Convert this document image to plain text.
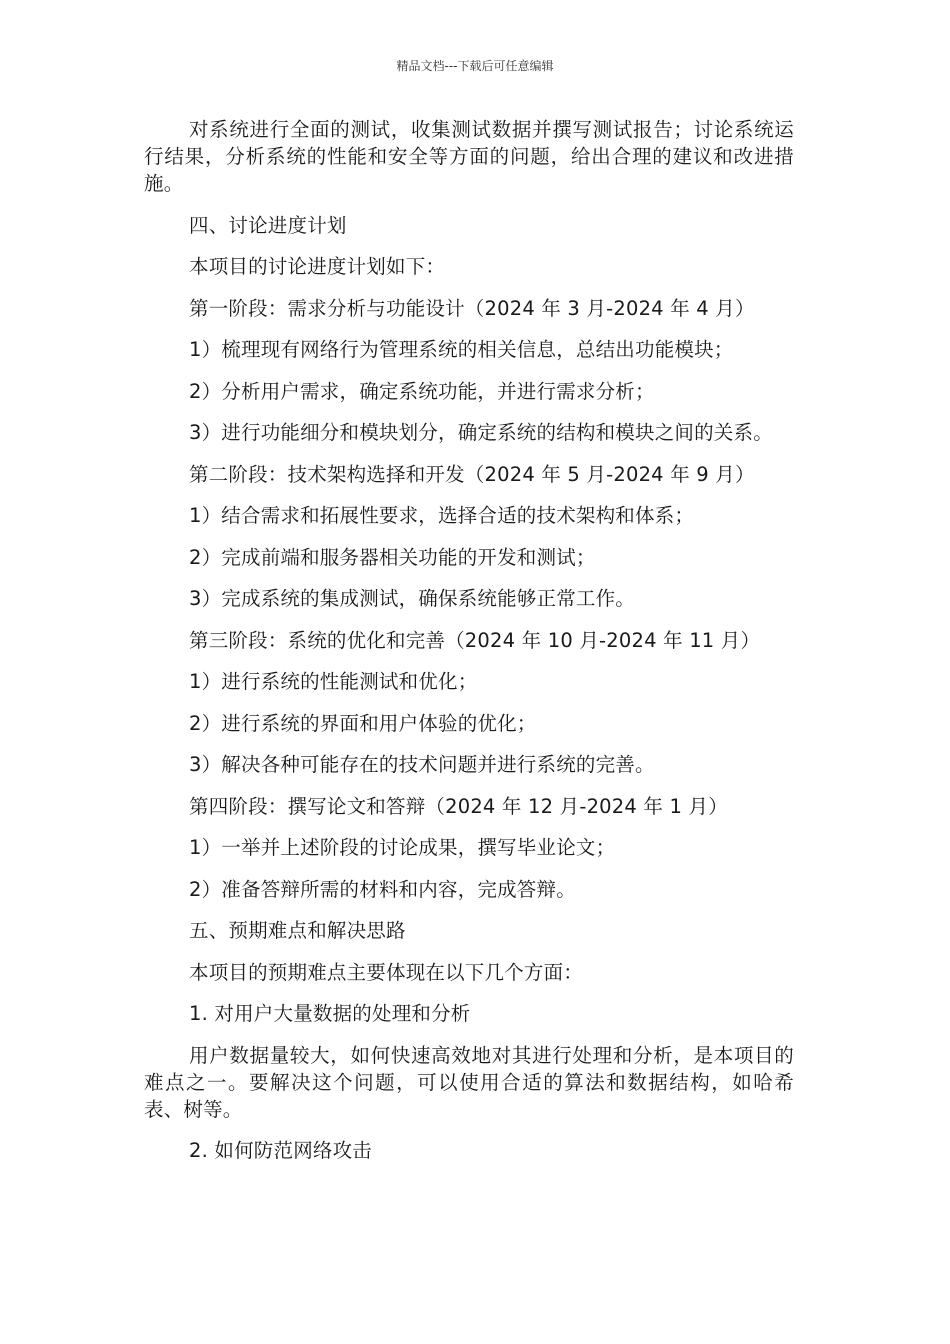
精品文档---下载后可任意编辑

对系统进行全面的测试，收集测试数据并撰写测试报告；讨论系统运行结果，分析系统的性能和安全等方面的问题，给出合理的建议和改进措施。

四、讨论进度计划
本项目的讨论进度计划如下：
第一阶段：需求分析与功能设计（2024 年 3 月-2024 年 4 月）
1）梳理现有网络行为管理系统的相关信息，总结出功能模块；
2）分析用户需求，确定系统功能，并进行需求分析；
3）进行功能细分和模块划分，确定系统的结构和模块之间的关系。
第二阶段：技术架构选择和开发（2024 年 5 月-2024 年 9 月）
1）结合需求和拓展性要求，选择合适的技术架构和体系；
2）完成前端和服务器相关功能的开发和测试；
3）完成系统的集成测试，确保系统能够正常工作。
第三阶段：系统的优化和完善（2024 年 10 月-2024 年 11 月）
1）进行系统的性能测试和优化；
2）进行系统的界面和用户体验的优化；
3）解决各种可能存在的技术问题并进行系统的完善。
第四阶段：撰写论文和答辩（2024 年 12 月-2024 年 1 月）
1）一举并上述阶段的讨论成果，撰写毕业论文；
2）准备答辩所需的材料和内容，完成答辩。
五、预期难点和解决思路
本项目的预期难点主要体现在以下几个方面：
1. 对用户大量数据的处理和分析

用户数据量较大，如何快速高效地对其进行处理和分析，是本项目的难点之一。要解决这个问题，可以使用合适的算法和数据结构，如哈希表、树等。

2. 如何防范网络攻击
